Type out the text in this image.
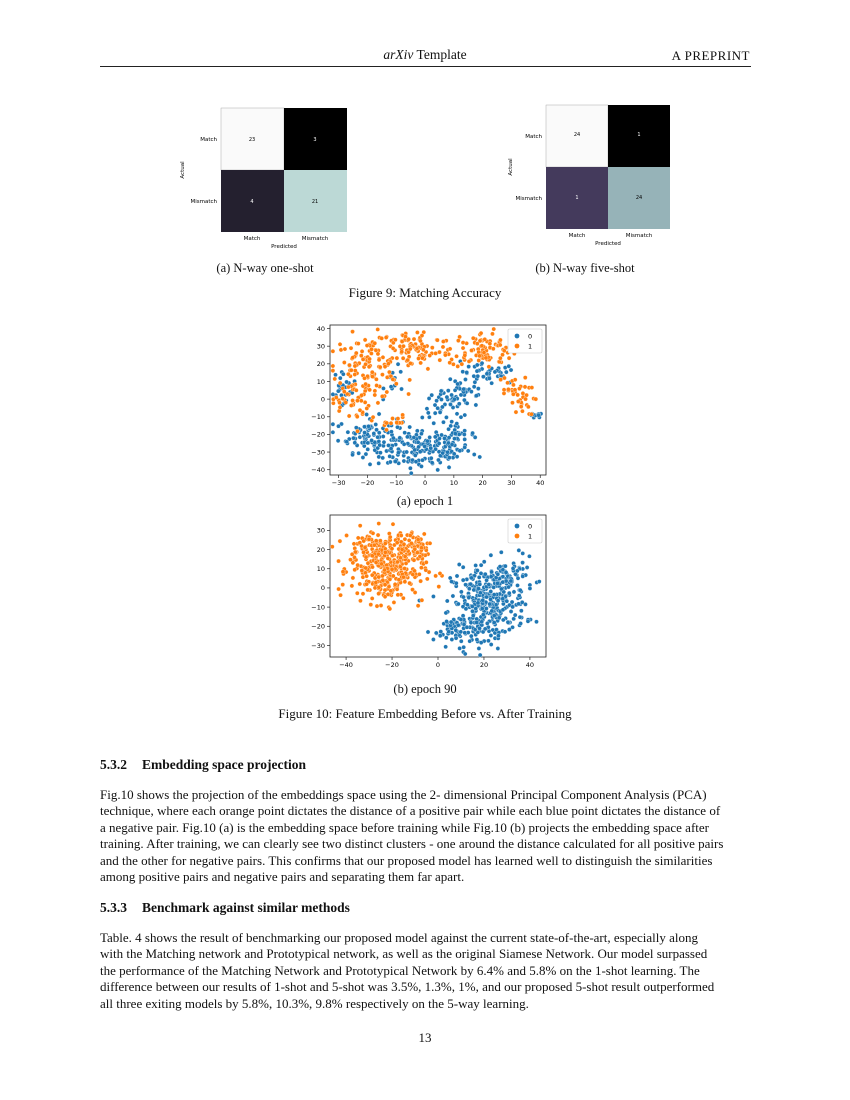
arXiv Template	A PREPRINT
23	3
4	21
Match
Mismatch
Match	Mismatch
Predicted
Actual
(a) N-way one-shot
24	1
1	24
Match
Mismatch
Match	Mismatch
Predicted
Actual
(b) N-way five-shot
Figure 9: Matching Accuracy
−30 −20 −10	0	10	20	30	40
40
30
20
10
0
−10
−20
−30
−40
0
1
(a) epoch 1
−40	−20	0	20	40
30
20
10
0
−10
−20
−30
0
1
(b) epoch 90
Figure 10: Feature Embedding Before vs. After Training
5.3.2 Embedding space projection
Fig.10 shows the projection of the embeddings space using the 2- dimensional Principal Component Analysis (PCA)
technique, where each orange point dictates the distance of a positive pair while each blue point dictates the distance of
a negative pair. Fig.10 (a) is the embedding space before training while Fig.10 (b) projects the embedding space after
training. After training, we can clearly see two distinct clusters - one around the distance calculated for all positive pairs
and the other for negative pairs. This confirms that our proposed model has learned well to distinguish the similarities
among positive pairs and negative pairs and separating them far apart.
5.3.3 Benchmark against similar methods
Table. 4 shows the result of benchmarking our proposed model against the current state-of-the-art, especially along
with the Matching network and Prototypical network, as well as the original Siamese Network. Our model surpassed
the performance of the Matching Network and Prototypical Network by 6.4% and 5.8% on the 1-shot learning. The
difference between our results of 1-shot and 5-shot was 3.5%, 1.3%, 1%, and our proposed 5-shot result outperformed
all three exiting models by 5.8%, 10.3%, 9.8% respectively on the 5-way learning.
13
